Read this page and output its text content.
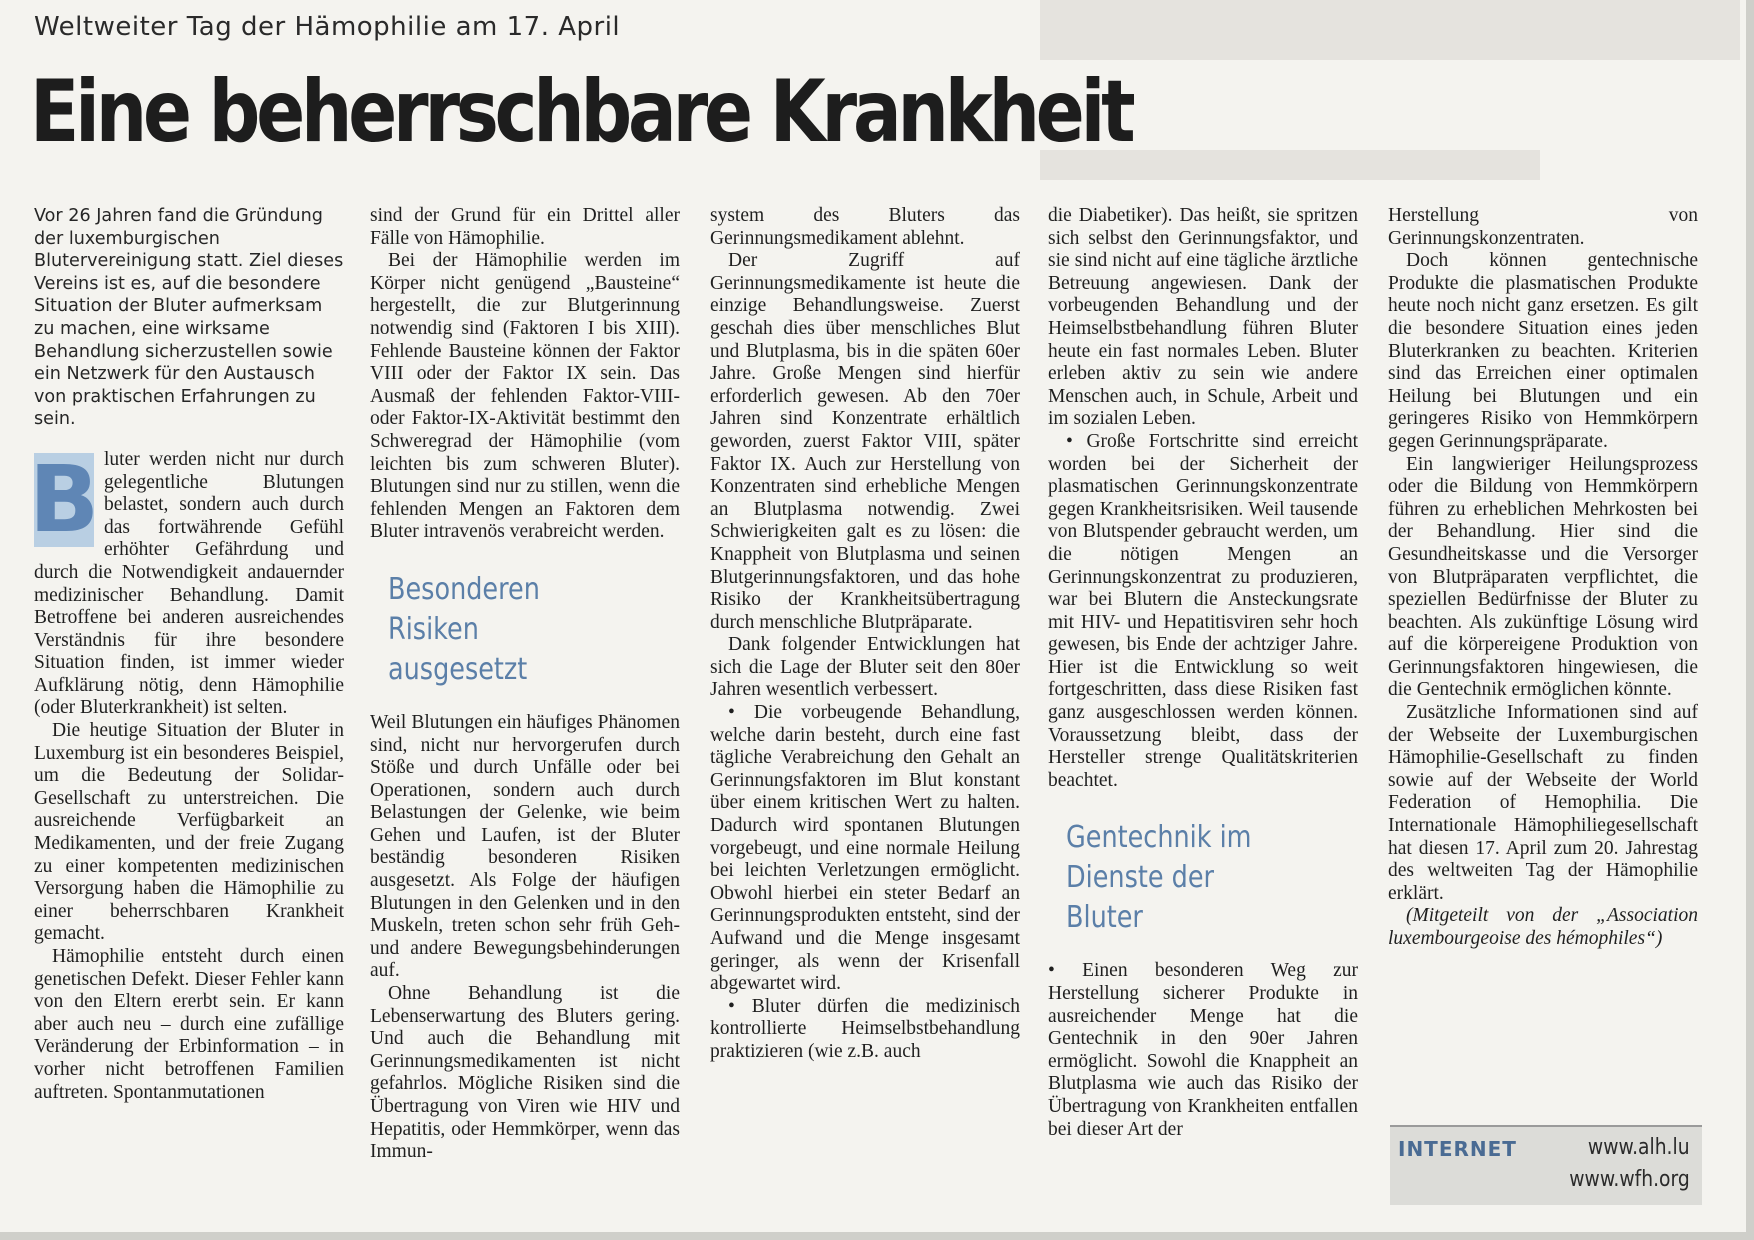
Weltweiter Tag der Hämophilie am 17. April
Eine beherrschbare Krankheit

Vor 26 Jahren fand die Gründung der luxemburgischen Blutervereinigung statt. Ziel dieses Vereins ist es, auf die besondere Situation der Bluter aufmerksam zu machen, eine wirksame Behandlung sicherzustellen sowie ein Netzwerk für den Austausch von praktischen Erfahrungen zu sein.

B luter werden nicht nur durch gelegentliche Blutungen belastet, sondern auch durch das fortwährende Gefühl erhöhter Gefährdung und durch die Notwendigkeit andauernder medizinischer Behandlung. Damit Betroffene bei anderen ausreichendes Verständnis für ihre besondere Situation finden, ist immer wieder Aufklärung nötig, denn Hämophilie (oder Bluterkrankheit) ist selten.

Die heutige Situation der Bluter in Luxemburg ist ein besonderes Beispiel, um die Bedeutung der Solidar-Gesellschaft zu unterstreichen. Die ausreichende Verfügbarkeit an Medikamenten, und der freie Zugang zu einer kompetenten medizinischen Versorgung haben die Hämophilie zu einer beherrschbaren Krankheit gemacht.

Hämophilie entsteht durch einen genetischen Defekt. Dieser Fehler kann von den Eltern ererbt sein. Er kann aber auch neu – durch eine zufällige Veränderung der Erbinformation – in vorher nicht betroffenen Familien auftreten. Spontanmutationen

sind der Grund für ein Drittel aller Fälle von Hämophilie.

Bei der Hämophilie werden im Körper nicht genügend „Bausteine“ hergestellt, die zur Blutgerinnung notwendig sind (Faktoren I bis XIII). Fehlende Bausteine können der Faktor VIII oder der Faktor IX sein. Das Ausmaß der fehlenden Faktor-VIII- oder Faktor-IX-Aktivität bestimmt den Schweregrad der Hämophilie (vom leichten bis zum schweren Bluter). Blutungen sind nur zu stillen, wenn die fehlenden Mengen an Faktoren dem Bluter intravenös verabreicht werden.

Besonderen Risiken ausgesetzt

Weil Blutungen ein häufiges Phänomen sind, nicht nur hervorgerufen durch Stöße und durch Unfälle oder bei Operationen, sondern auch durch Belastungen der Gelenke, wie beim Gehen und Laufen, ist der Bluter beständig besonderen Risiken ausgesetzt. Als Folge der häufigen Blutungen in den Gelenken und in den Muskeln, treten schon sehr früh Geh- und andere Bewegungsbehinderungen auf.

Ohne Behandlung ist die Lebenserwartung des Bluters gering. Und auch die Behandlung mit Gerinnungsmedikamenten ist nicht gefahrlos. Mögliche Risiken sind die Übertragung von Viren wie HIV und Hepatitis, oder Hemmkörper, wenn das Immun-

system des Bluters das Gerinnungsmedikament ablehnt.

Der Zugriff auf Gerinnungsmedikamente ist heute die einzige Behandlungsweise. Zuerst geschah dies über menschliches Blut und Blutplasma, bis in die späten 60er Jahre. Große Mengen sind hierfür erforderlich gewesen. Ab den 70er Jahren sind Konzentrate erhältlich geworden, zuerst Faktor VIII, später Faktor IX. Auch zur Herstellung von Konzentraten sind erhebliche Mengen an Blutplasma notwendig. Zwei Schwierigkeiten galt es zu lösen: die Knappheit von Blutplasma und seinen Blutgerinnungsfaktoren, und das hohe Risiko der Krankheitsübertragung durch menschliche Blutpräparate.

Dank folgender Entwicklungen hat sich die Lage der Bluter seit den 80er Jahren wesentlich verbessert.

• Die vorbeugende Behandlung, welche darin besteht, durch eine fast tägliche Verabreichung den Gehalt an Gerinnungsfaktoren im Blut konstant über einem kritischen Wert zu halten. Dadurch wird spontanen Blutungen vorgebeugt, und eine normale Heilung bei leichten Verletzungen ermöglicht. Obwohl hierbei ein steter Bedarf an Gerinnungsprodukten entsteht, sind der Aufwand und die Menge insgesamt geringer, als wenn der Krisenfall abgewartet wird.

• Bluter dürfen die medizinisch kontrollierte Heimselbstbehandlung praktizieren (wie z.B. auch

die Diabetiker). Das heißt, sie spritzen sich selbst den Gerinnungsfaktor, und sie sind nicht auf eine tägliche ärztliche Betreuung angewiesen. Dank der vorbeugenden Behandlung und der Heimselbstbehandlung führen Bluter heute ein fast normales Leben. Bluter erleben aktiv zu sein wie andere Menschen auch, in Schule, Arbeit und im sozialen Leben.

• Große Fortschritte sind erreicht worden bei der Sicherheit der plasmatischen Gerinnungskonzentrate gegen Krankheitsrisiken. Weil tausende von Blutspender gebraucht werden, um die nötigen Mengen an Gerinnungskonzentrat zu produzieren, war bei Blutern die Ansteckungsrate mit HIV- und Hepatitisviren sehr hoch gewesen, bis Ende der achtziger Jahre. Hier ist die Entwicklung so weit fortgeschritten, dass diese Risiken fast ganz ausgeschlossen werden können. Voraussetzung bleibt, dass der Hersteller strenge Qualitätskriterien beachtet.

Gentechnik im Dienste der Bluter

• Einen besonderen Weg zur Herstellung sicherer Produkte in ausreichender Menge hat die Gentechnik in den 90er Jahren ermöglicht. Sowohl die Knappheit an Blutplasma wie auch das Risiko der Übertragung von Krankheiten entfallen bei dieser Art der

Herstellung von Gerinnungskonzentraten.

Doch können gentechnische Produkte die plasmatischen Produkte heute noch nicht ganz ersetzen. Es gilt die besondere Situation eines jeden Bluterkranken zu beachten. Kriterien sind das Erreichen einer optimalen Heilung bei Blutungen und ein geringeres Risiko von Hemmkörpern gegen Gerinnungspräparate.

Ein langwieriger Heilungsprozess oder die Bildung von Hemmkörpern führen zu erheblichen Mehrkosten bei der Behandlung. Hier sind die Gesundheitskasse und die Versorger von Blutpräparaten verpflichtet, die speziellen Bedürfnisse der Bluter zu beachten. Als zukünftige Lösung wird auf die körpereigene Produktion von Gerinnungsfaktoren hingewiesen, die die Gentechnik ermöglichen könnte.

Zusätzliche Informationen sind auf der Webseite der Luxemburgischen Hämophilie-Gesellschaft zu finden sowie auf der Webseite der World Federation of Hemophilia. Die Internationale Hämophiliegesellschaft hat diesen 17. April zum 20. Jahrestag des weltweiten Tag der Hämophilie erklärt.

(Mitgeteilt von der „Association luxembourgeoise des hémophiles“)

INTERNET	www.alh.lu
www.wfh.org
